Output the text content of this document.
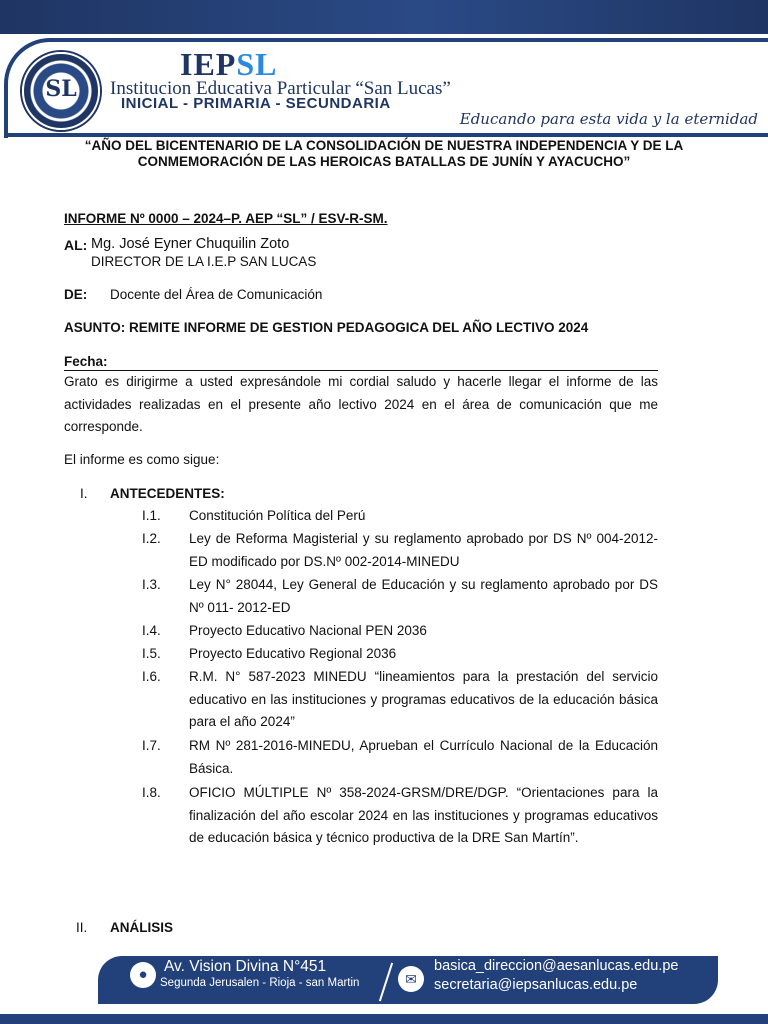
SL
IEPSL
Institucion Educativa Particular “San Lucas”
INICIAL - PRIMARIA - SECUNDARIA
Educando para esta vida y la eternidad
“AÑO DEL BICENTENARIO DE LA CONSOLIDACIÓN DE NUESTRA INDEPENDENCIA Y DE LA
CONMEMORACIÓN DE LAS HEROICAS BATALLAS DE JUNÍN Y AYACUCHO”
INFORME Nº 0000 – 2024–P. AEP “SL” / ESV-R-SM.
AL: Mg. José Eyner Chuquilin Zoto
DIRECTOR DE LA I.E.P SAN LUCAS
DE: Docente del Área de Comunicación
ASUNTO: REMITE INFORME DE GESTION PEDAGOGICA DEL AÑO LECTIVO 2024
Fecha:
Grato es dirigirme a usted expresándole mi cordial saludo y hacerle llegar el informe de las actividades realizadas en el presente año lectivo 2024 en el área de comunicación que me corresponde.
El informe es como sigue:
I. ANTECEDENTES:
I.1. Constitución Política del Perú
I.2. Ley de Reforma Magisterial y su reglamento aprobado por DS Nº 004-2012-ED modificado por DS.Nº 002-2014-MINEDU
I.3. Ley N° 28044, Ley General de Educación y su reglamento aprobado por DS Nº 011- 2012-ED
I.4. Proyecto Educativo Nacional PEN 2036
I.5. Proyecto Educativo Regional 2036
I.6. R.M. N° 587-2023 MINEDU “lineamientos para la prestación del servicio educativo en las instituciones y programas educativos de la educación básica para el año 2024”
I.7. RM Nº 281-2016-MINEDU, Aprueban el Currículo Nacional de la Educación Básica.
I.8. OFICIO MÚLTIPLE Nº 358-2024-GRSM/DRE/DGP. “Orientaciones para la finalización del año escolar 2024 en las instituciones y programas educativos de educación básica y técnico productiva de la DRE San Martín”.
II. ANÁLISIS
●	Av. Vision Divina N°451
Segunda Jerusalen - Rioja - san Martin	✉
basica_direccion@aesanlucas.edu.pe
secretaria@iepsanlucas.edu.pe
